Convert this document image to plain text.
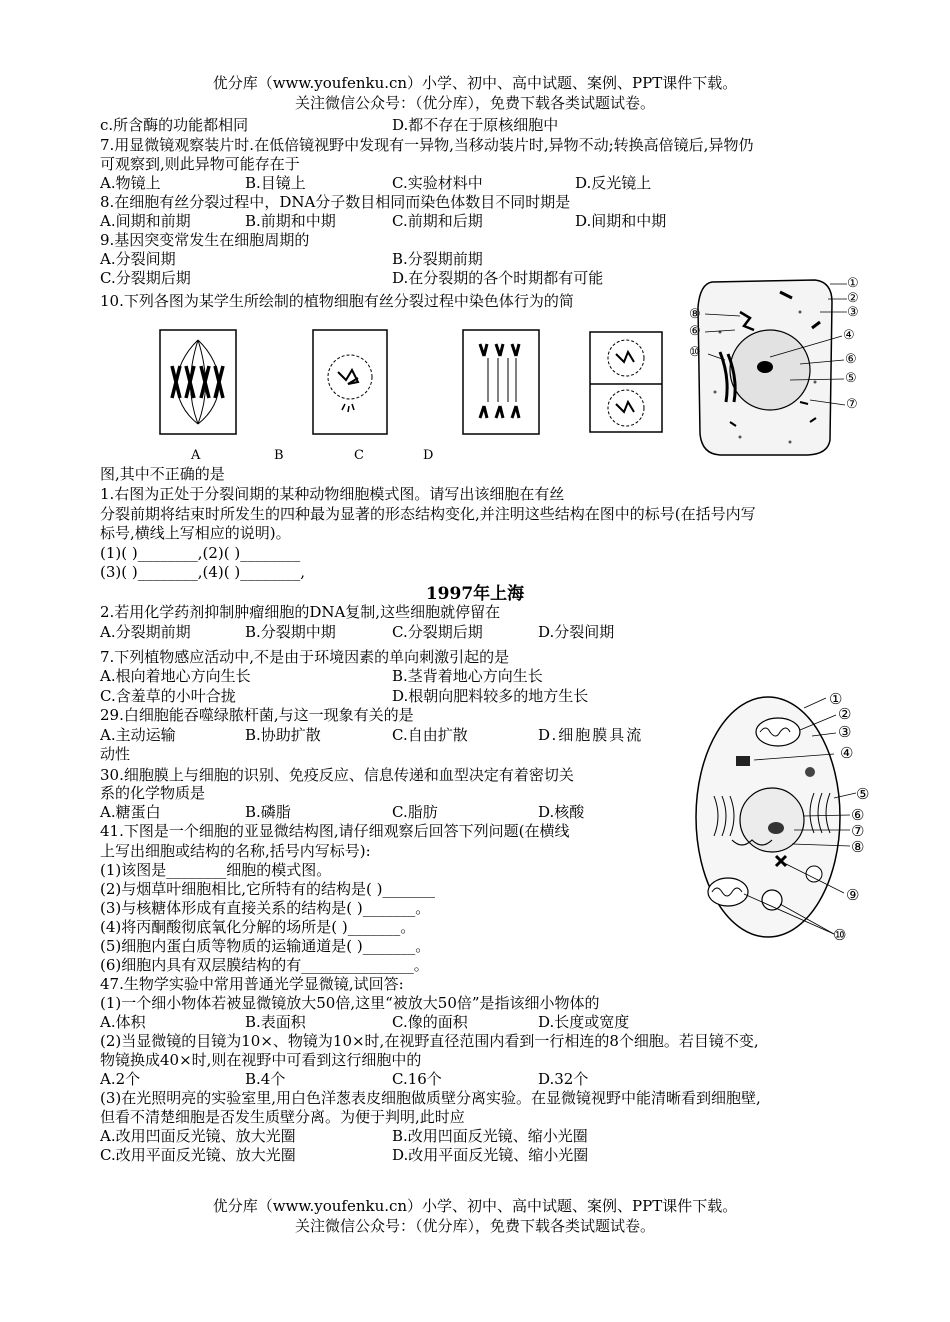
优分库（www.youfenku.cn）小学、初中、高中试题、案例、PPT课件下载。
关注微信公众号：（优分库），免费下载各类试题试卷。
c.所含酶的功能都相同	D.都不存在于原核细胞中
7.用显微镜观察装片时.在低倍镜视野中发现有一异物,当移动装片时,异物不动;转换高倍镜后,异物仍
可观察到,则此异物可能存在于
A.物镜上	B.目镜上	C.实验材料中	D.反光镜上
8.在细胞有丝分裂过程中，DNA分子数目相同而染色体数目不同时期是
A.间期和前期	B.前期和中期	C.前期和后期	D.间期和中期
9.基因突变常发生在细胞周期的
A.分裂间期	B.分裂期前期
C.分裂期后期	D.在分裂期的各个时期都有可能
10.下列各图为某学生所绘制的植物细胞有丝分裂过程中染色体行为的简
A	B	C	D
①
②
③
④
⑥
⑤
⑦
⑧
⑥
⑩
图,其中不正确的是
1.右图为正处于分裂间期的某种动物细胞模式图。请写出该细胞在有丝
分裂前期将结束时所发生的四种最为显著的形态结构变化,并注明这些结构在图中的标号(在括号内写
标号,横线上写相应的说明)。
(1)( )________,(2)( )________
(3)( )________,(4)( )________,
1997年上海
2.若用化学药剂抑制肿瘤细胞的DNA复制,这些细胞就停留在
A.分裂期前期	B.分裂期中期	C.分裂期后期	D.分裂间期
7.下列植物感应活动中,不是由于环境因素的单向刺激引起的是
A.根向着地心方向生长	B.茎背着地心方向生长
C.含羞草的小叶合拢	D.根朝向肥料较多的地方生长
29.白细胞能吞噬绿脓杆菌,与这一现象有关的是
A.主动运输	B.协助扩散	C.自由扩散	D.细胞膜具流
动性
30.细胞膜上与细胞的识别、免疫反应、信息传递和血型决定有着密切关
系的化学物质是
A.糖蛋白	B.磷脂	C.脂肪	D.核酸
41.下图是一个细胞的亚显微结构图,请仔细观察后回答下列问题(在横线
上写出细胞或结构的名称,括号内写标号):
(1)该图是________细胞的模式图。
(2)与烟草叶细胞相比,它所特有的结构是( )_______
(3)与核糖体形成有直接关系的结构是( )_______。
(4)将丙酮酸彻底氧化分解的场所是( )_______。
(5)细胞内蛋白质等物质的运输通道是( )_______。
(6)细胞内具有双层膜结构的有_______________。
①
②
③
④
⑤
⑥
⑦
⑧
⑨
⑩
47.生物学实验中常用普通光学显微镜,试回答:
(1)一个细小物体若被显微镜放大50倍,这里“被放大50倍”是指该细小物体的
A.体积	B.表面积	C.像的面积	D.长度或宽度
(2)当显微镜的目镜为10×、物镜为10×时,在视野直径范围内看到一行相连的8个细胞。若目镜不变,
物镜换成40×时,则在视野中可看到这行细胞中的
A.2个	B.4个	C.16个	D.32个
(3)在光照明亮的实验室里,用白色洋葱表皮细胞做质壁分离实验。在显微镜视野中能清晰看到细胞壁,
但看不清楚细胞是否发生质壁分离。为便于判明,此时应
A.改用凹面反光镜、放大光圈	B.改用凹面反光镜、缩小光圈
C.改用平面反光镜、放大光圈	D.改用平面反光镜、缩小光圈
优分库（www.youfenku.cn）小学、初中、高中试题、案例、PPT课件下载。
关注微信公众号：（优分库），免费下载各类试题试卷。
